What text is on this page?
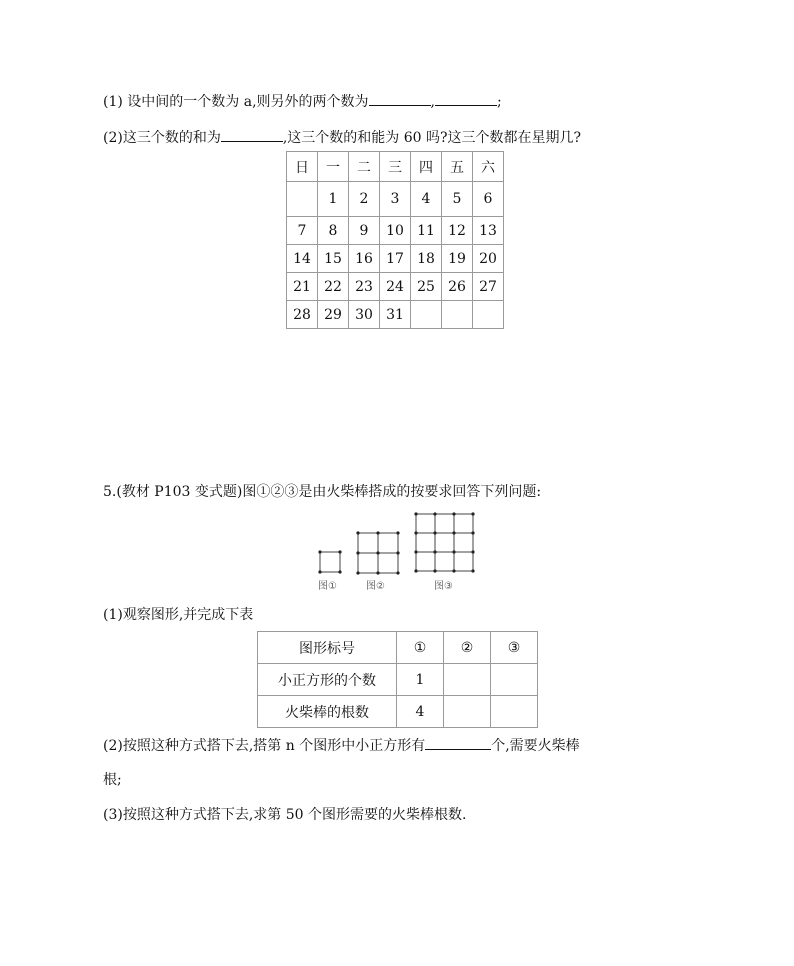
(1) 设中间的一个数为 a,则另外的两个数为	,	;
(2)这三个数的和为	,这三个数的和能为 60 吗?这三个数都在星期几?
日	一	二	三	四	五	六
	1	2	3	4	5	6
7	8	9	10	11	12	13
14	15	16	17	18	19	20
21	22	23	24	25	26	27
28	29	30	31			
5.(教材 P103 变式题)图①②③是由火柴棒搭成的按要求回答下列问题:
图①	图②	图③
(1)观察图形,并完成下表
图形标号	①	②	③
小正方形的个数	1		
火柴棒的根数	4		
(2)按照这种方式搭下去,搭第 n 个图形中小正方形有	个,需要火柴棒
根;
(3)按照这种方式搭下去,求第 50 个图形需要的火柴棒根数.
